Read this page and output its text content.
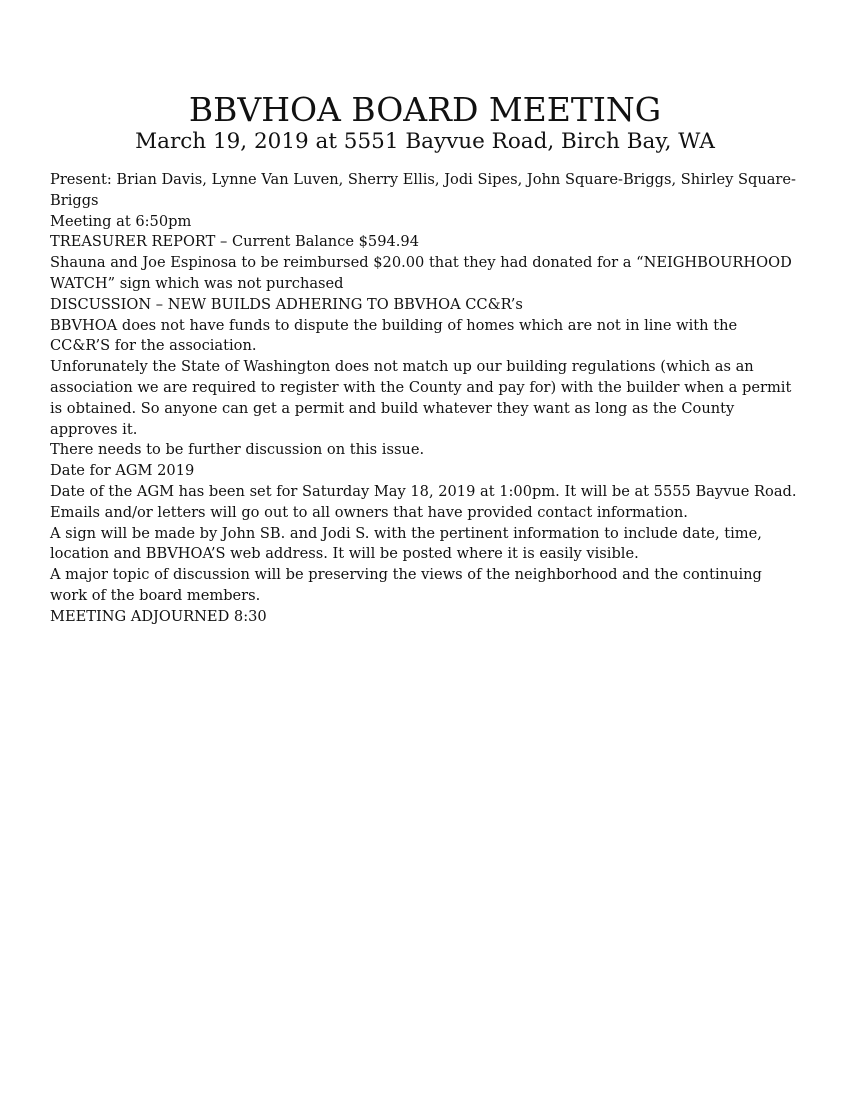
BBVHOA BOARD MEETING

March 19, 2019 at 5551 Bayvue Road, Birch Bay, WA

Present: Brian Davis, Lynne Van Luven, Sherry Ellis, Jodi Sipes, John Square-Briggs, Shirley Square-Briggs

Meeting at 6:50pm

TREASURER REPORT – Current Balance $594.94

Shauna and Joe Espinosa to be reimbursed $20.00 that they had donated for a “NEIGHBOURHOOD WATCH” sign which was not purchased

DISCUSSION – NEW BUILDS ADHERING TO BBVHOA CC&R’s

BBVHOA does not have funds to dispute the building of homes which are not in line with the CC&R’S for the association.

Unforunately the State of Washington does not match up our building regulations (which as an association we are required to register with the County and pay for) with the builder when a permit is obtained. So anyone can get a permit and build whatever they want as long as the County approves it.

There needs to be further discussion on this issue.

Date for AGM 2019

Date of the AGM has been set for Saturday May 18, 2019 at 1:00pm. It will be at 5555 Bayvue Road. Emails and/or letters will go out to all owners that have provided contact information.

A sign will be made by John SB. and Jodi S. with the pertinent information to include date, time, location and BBVHOA’S web address. It will be posted where it is easily visible.

A major topic of discussion will be preserving the views of the neighborhood and the continuing work of the board members.

MEETING ADJOURNED 8:30
